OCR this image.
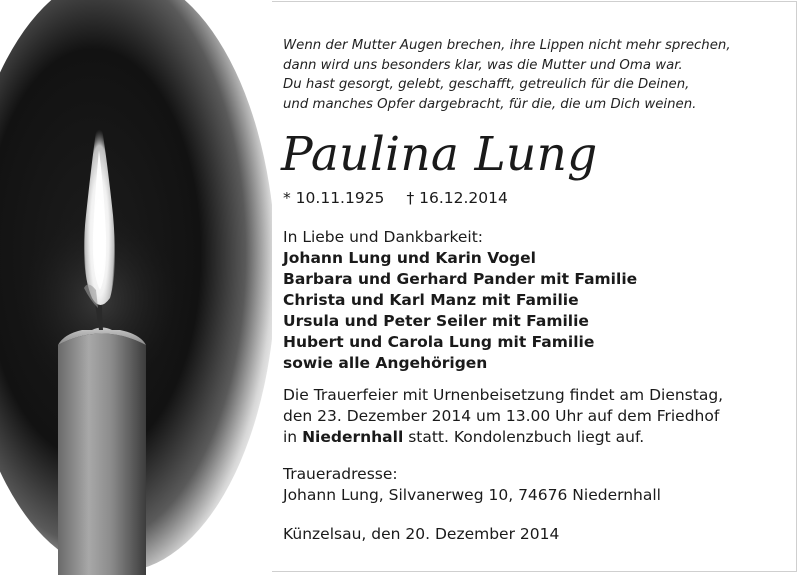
Wenn der Mutter Augen brechen, ihre Lippen nicht mehr sprechen,
dann wird uns besonders klar, was die Mutter und Oma war.
Du hast gesorgt, gelebt, geschafft, getreulich für die Deinen,
und manches Opfer dargebracht, für die, die um Dich weinen.
Paulina Lung
* 10.11.1925 † 16.12.2014
In Liebe und Dankbarkeit:
Johann Lung und Karin Vogel
Barbara und Gerhard Pander mit Familie
Christa und Karl Manz mit Familie
Ursula und Peter Seiler mit Familie
Hubert und Carola Lung mit Familie
sowie alle Angehörigen
Die Trauerfeier mit Urnenbeisetzung findet am Dienstag,
den 23. Dezember 2014 um 13.00 Uhr auf dem Friedhof
in Niedernhall statt. Kondolenzbuch liegt auf.
Traueradresse:
Johann Lung, Silvanerweg 10, 74676 Niedernhall
Künzelsau, den 20. Dezember 2014
